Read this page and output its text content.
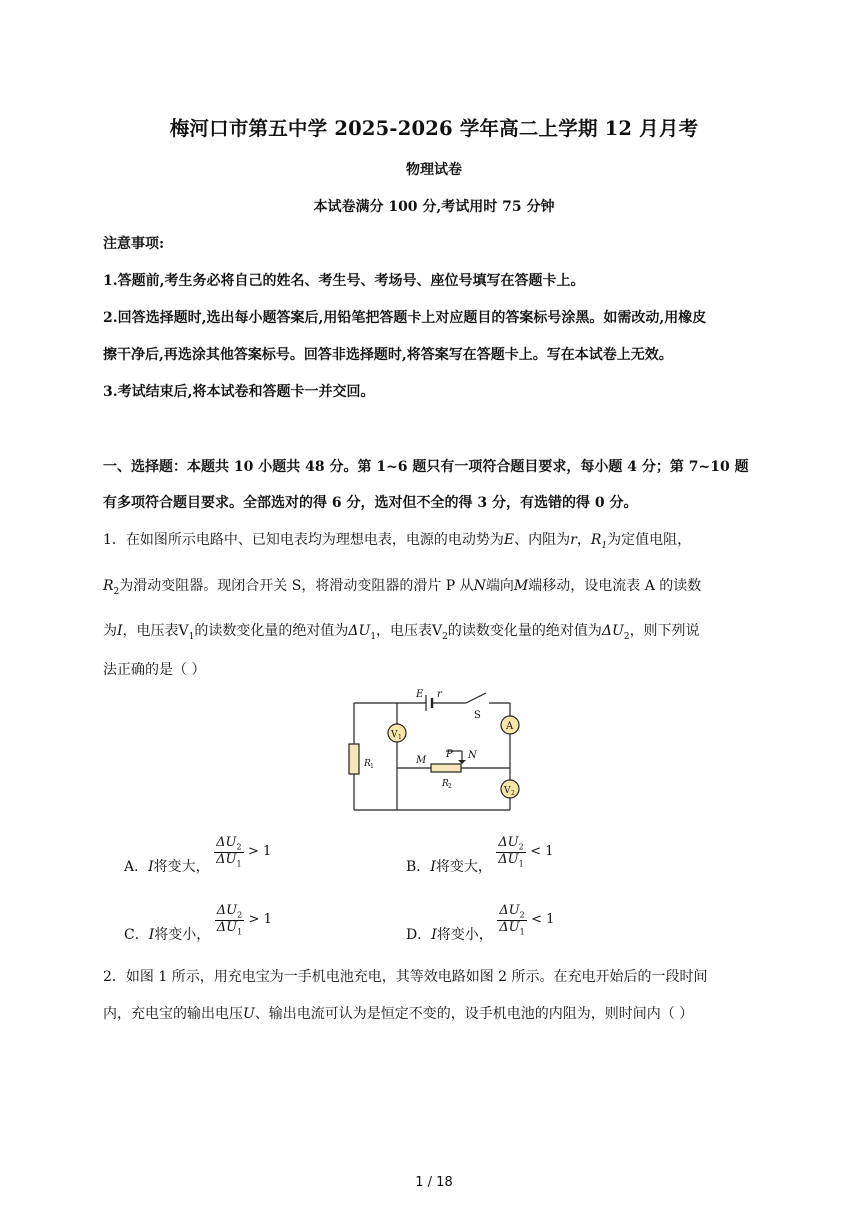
梅河口市第五中学 2025-2026 学年高二上学期 12 月月考
物理试卷
本试卷满分 100 分,考试用时 75 分钟
注意事项:
1.答题前,考生务必将自己的姓名、考生号、考场号、座位号填写在答题卡上。
2.回答选择题时,选出每小题答案后,用铅笔把答题卡上对应题目的答案标号涂黑。如需改动,用橡皮
擦干净后,再选涂其他答案标号。回答非选择题时,将答案写在答题卡上。写在本试卷上无效。
3.考试结束后,将本试卷和答题卡一并交回。
一、选择题：本题共 10 小题共 48 分。第 1~6 题只有一项符合题目要求，每小题 4 分；第 7~10 题
有多项符合题目要求。全部选对的得 6 分，选对但不全的得 3 分，有选错的得 0 分。
1．在如图所示电路中、已知电表均为理想电表，电源的电动势为E、内阻为r，$R_1$为定值电阻，
$R_2$为滑动变阻器。现闭合开关 S，将滑动变阻器的滑片 P 从N端向M端移动，设电流表 A 的读数
为I，电压表$V_1$的读数变化量的绝对值为$\Delta U_1$，电压表$V_2$的读数变化量的绝对值为$\Delta U_2$，则下列说
法正确的是（ ）
E r
S
A
V 1
V 2
R 1
R 2
M
P N
A．I将变大， $\frac{\Delta U_2}{\Delta U_1} > 1$
B．I将变大， $\frac{\Delta U_2}{\Delta U_1} < 1$
C．I将变小， $\frac{\Delta U_2}{\Delta U_1} > 1$
D．I将变小， $\frac{\Delta U_2}{\Delta U_1} < 1$
2．如图 1 所示，用充电宝为一手机电池充电，其等效电路如图 2 所示。在充电开始后的一段时间
内，充电宝的输出电压U、输出电流可认为是恒定不变的，设手机电池的内阻为，则时间内（ ）
1 / 18
